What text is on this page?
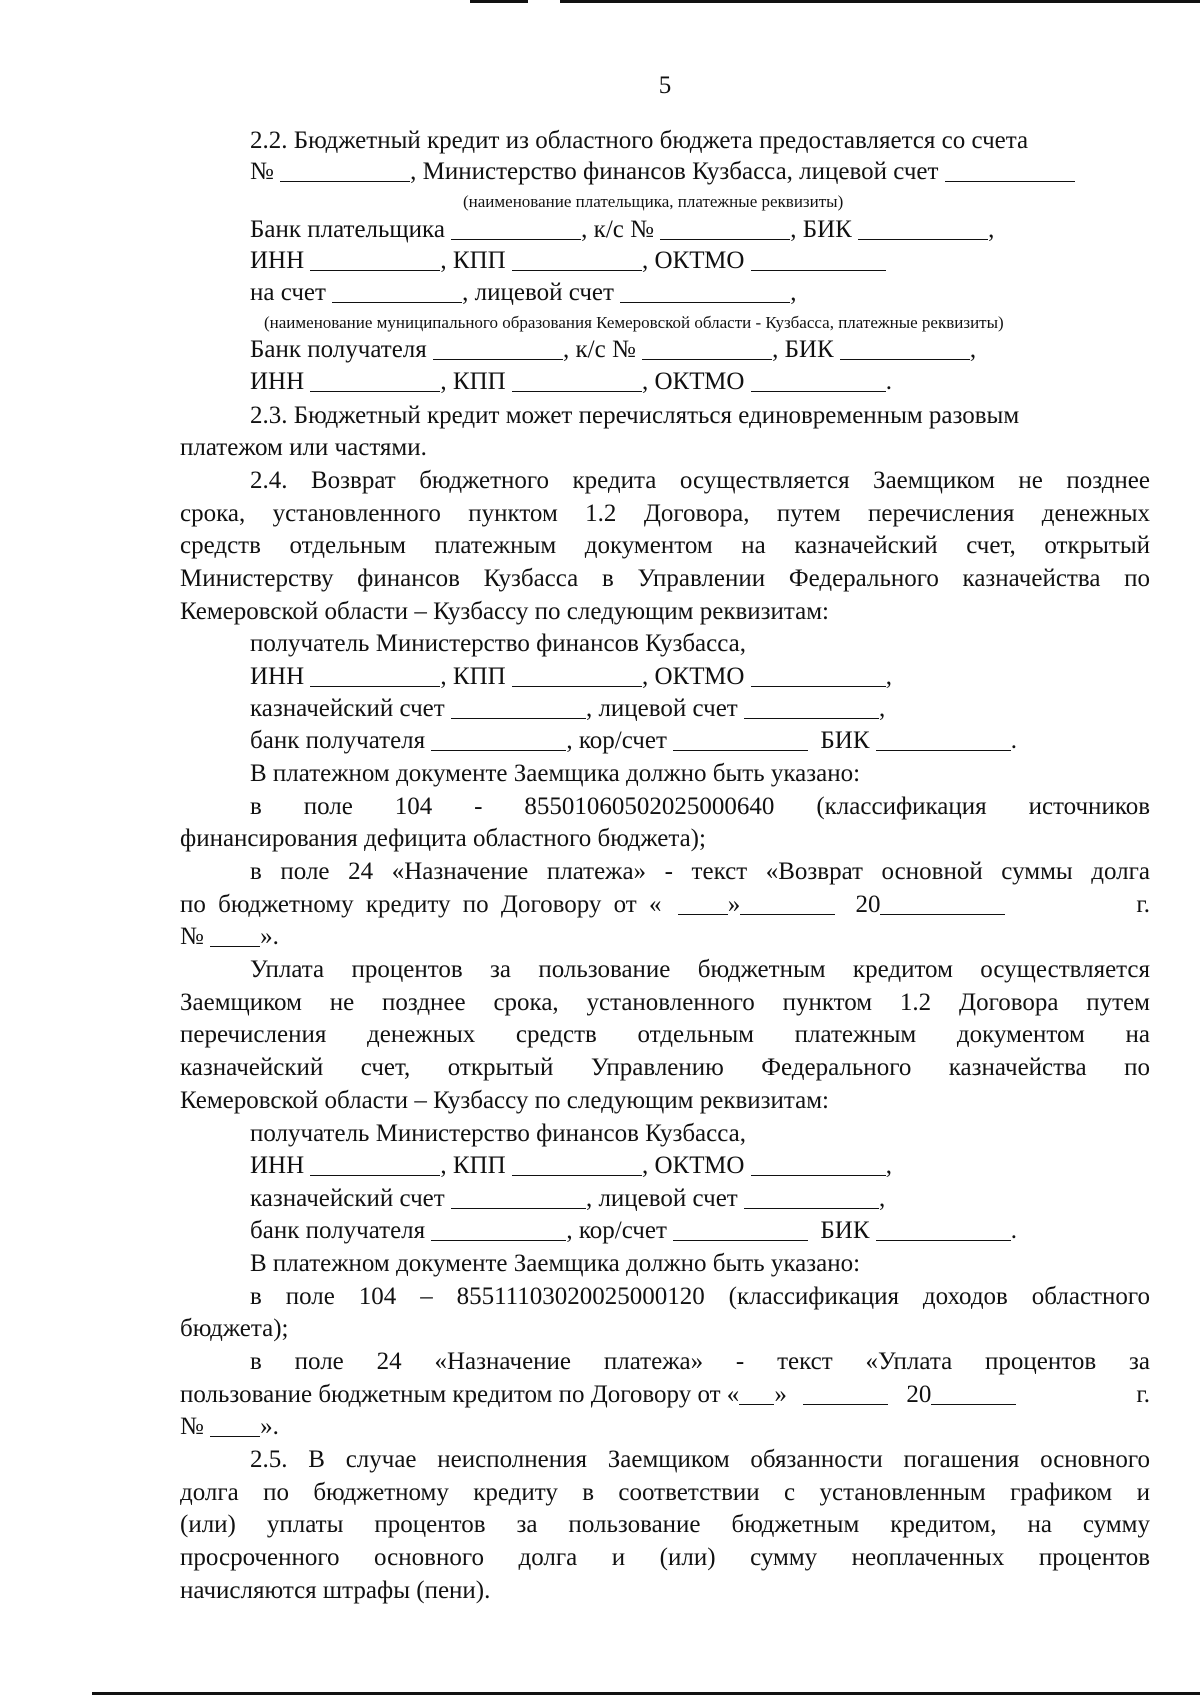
5
2.2. Бюджетный кредит из областного бюджета предоставляется со счета
№	, Министерство финансов Кузбасса, лицевой счет
(наименование плательщика, платежные реквизиты)
Банк плательщика	, к/с №	, БИК	,
ИНН	, КПП	, ОКТМО
на счет	, лицевой счет	,
(наименование муниципального образования Кемеровской области - Кузбасса, платежные реквизиты)
Банк получателя	, к/с №	, БИК	,
ИНН	, КПП	, ОКТМО	.
2.3. Бюджетный кредит может перечисляться единовременным разовым
платежом или частями.
2.4. Возврат бюджетного кредита осуществляется Заемщиком не позднее
срока, установленного пунктом 1.2 Договора, путем перечисления денежных
средств отдельным платежным документом на казначейский счет, открытый
Министерству финансов Кузбасса в Управлении Федерального казначейства по
Кемеровской области – Кузбассу по следующим реквизитам:
получатель Министерство финансов Кузбасса,
ИНН	, КПП	, ОКТМО	,
казначейский счет	, лицевой счет	,
банк получателя	, кор/счет	БИК	.
В платежном документе Заемщика должно быть указано:
в поле 104 - 85501060502025000640 (классификация источников
финансирования дефицита областного бюджета);
в поле 24 «Назначение платежа» - текст «Возврат основной суммы долга
по бюджетному кредиту по Договору от «	»	20	г.
№ ».
Уплата процентов за пользование бюджетным кредитом осуществляется
Заемщиком не позднее срока, установленного пунктом 1.2 Договора путем
перечисления денежных средств отдельным платежным документом на
казначейский счет, открытый Управлению Федерального казначейства по
Кемеровской области – Кузбассу по следующим реквизитам:
получатель Министерство финансов Кузбасса,
ИНН	, КПП	, ОКТМО	,
казначейский счет	, лицевой счет	,
банк получателя	, кор/счет	БИК	.
В платежном документе Заемщика должно быть указано:
в поле 104 – 85511103020025000120 (классификация доходов областного
бюджета);
в поле 24 «Назначение платежа» - текст «Уплата процентов за
пользование бюджетным кредитом по Договору от « »	20	г.
№ ».
2.5. В случае неисполнения Заемщиком обязанности погашения основного
долга по бюджетному кредиту в соответствии с установленным графиком и
(или) уплаты процентов за пользование бюджетным кредитом, на сумму
просроченного основного долга и (или) сумму неоплаченных процентов
начисляются штрафы (пени).
